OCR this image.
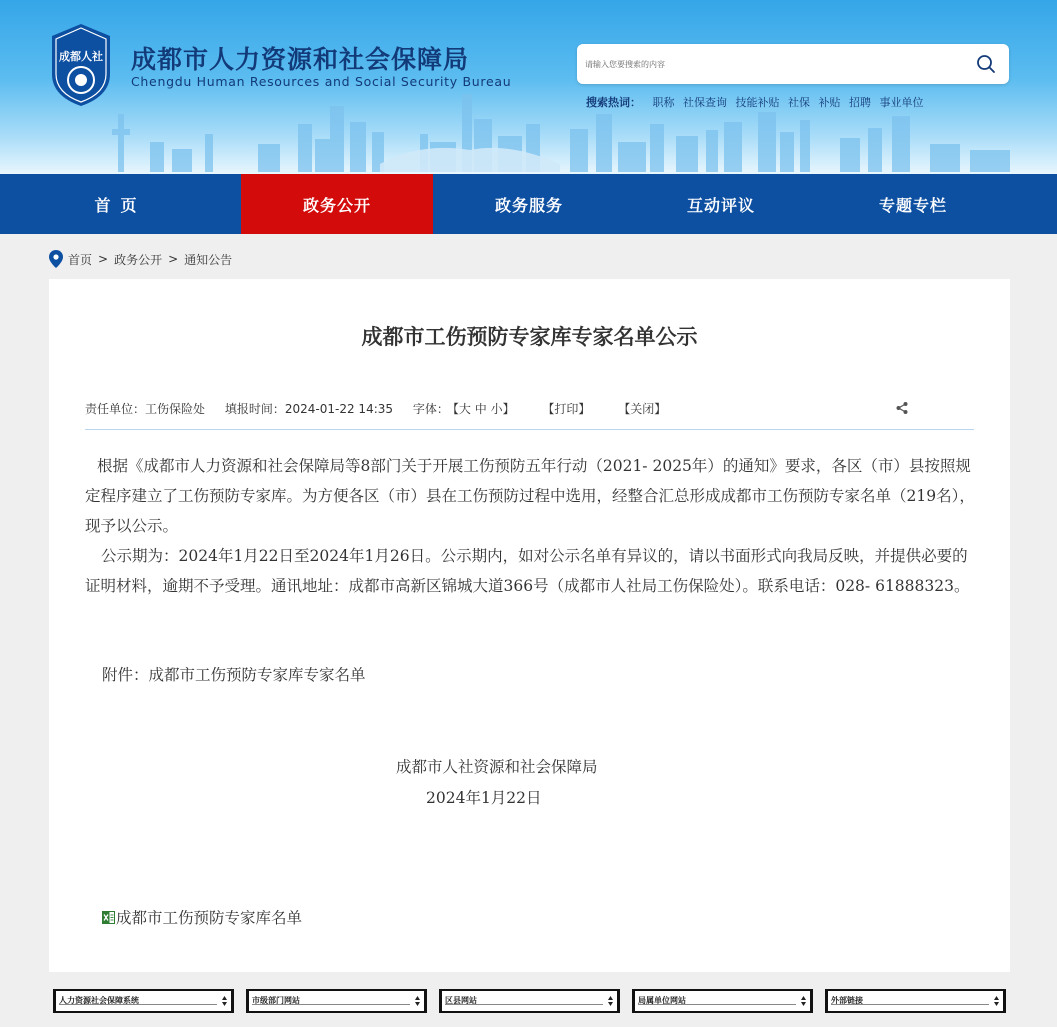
成都人社 成都市人力资源和社会保障局
Chengdu Human Resources and Social Security Bureau
请输入您要搜索的内容
搜索热词： 职称 社保查询 技能补贴 社保 补贴 招聘 事业单位
首页	政务公开	政务服务	互动评议	专题专栏
首页 > 政务公开 > 通知公告
成都市工伤预防专家库专家名单公示
责任单位：工伤保险处 填报时间：2024-01-22 14:35 字体： 【大 中 小】 【打印】 【关闭】

根据《成都市人力资源和社会保障局等8部门关于开展工伤预防五年行动（2021- 2025年）的通知》要求，各区（市）县按照规定程序建立了工伤预防专家库。为方便各区（市）县在工伤预防过程中选用，经整合汇总形成成都市工伤预防专家名单（219名），现予以公示。

公示期为：2024年1月22日至2024年1月26日。公示期内，如对公示名单有异议的，请以书面形式向我局反映，并提供必要的证明材料，逾期不予受理。通讯地址：成都市高新区锦城大道366号（成都市人社局工伤保险处）。联系电话：028- 61888323。

附件：成都市工伤预防专家库专家名单
成都市人社资源和社会保障局
2024年1月22日
成都市工伤预防专家库名单
人力资源社会保障系统	市级部门网站	区县网站	局属单位网站	外部链接
